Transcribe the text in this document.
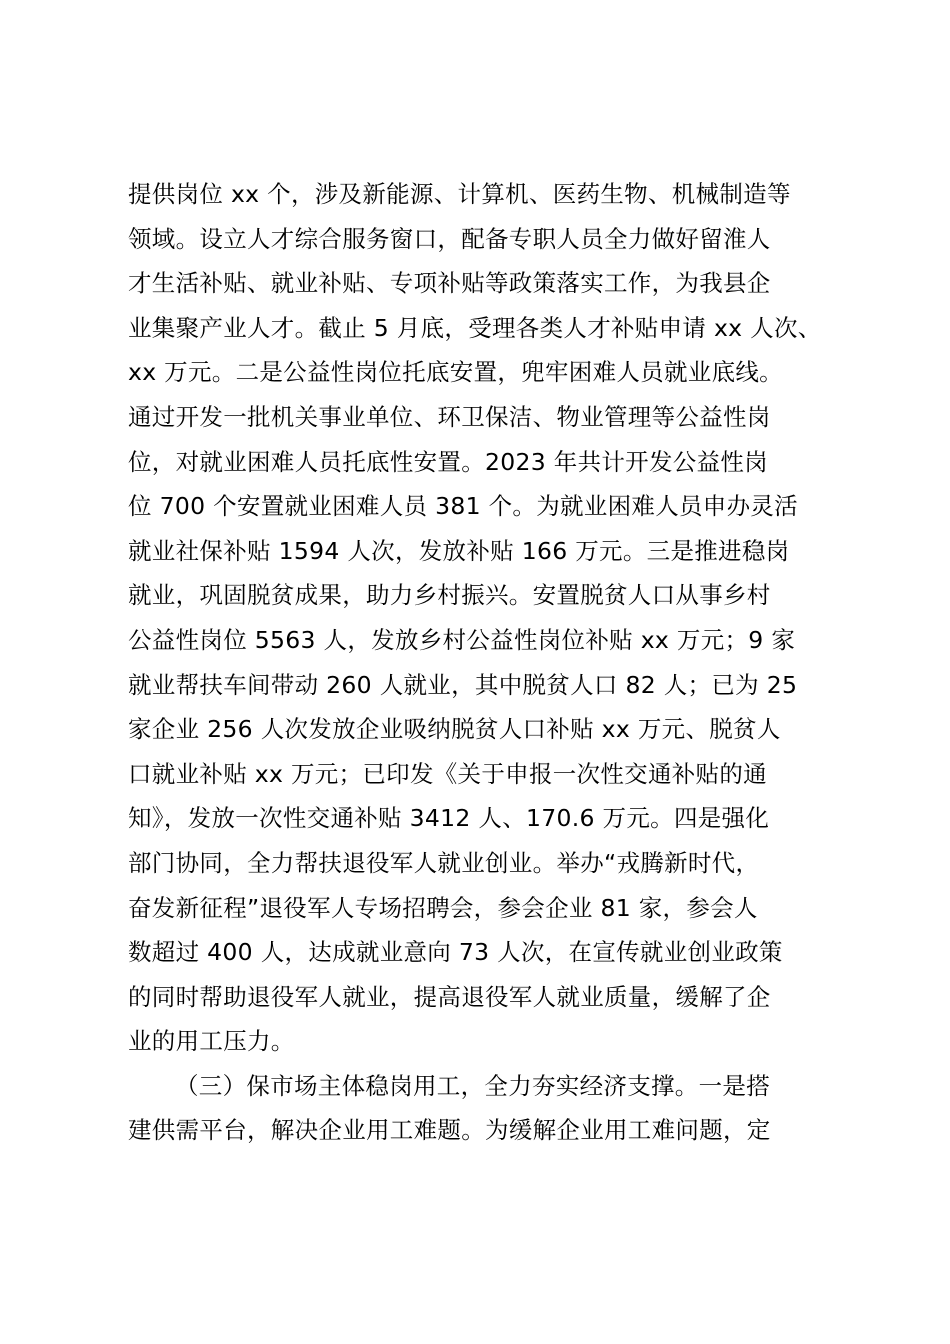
提供岗位 xx 个，涉及新能源、计算机、医药生物、机械制造等
领域。设立人才综合服务窗口，配备专职人员全力做好留淮人
才生活补贴、就业补贴、专项补贴等政策落实工作，为我县企
业集聚产业人才。截止 5 月底，受理各类人才补贴申请 xx 人次、
xx 万元。二是公益性岗位托底安置，兜牢困难人员就业底线。
通过开发一批机关事业单位、环卫保洁、物业管理等公益性岗
位，对就业困难人员托底性安置。2023 年共计开发公益性岗
位 700 个安置就业困难人员 381 个。为就业困难人员申办灵活
就业社保补贴 1594 人次，发放补贴 166 万元。三是推进稳岗
就业，巩固脱贫成果，助力乡村振兴。安置脱贫人口从事乡村
公益性岗位 5563 人，发放乡村公益性岗位补贴 xx 万元；9 家
就业帮扶车间带动 260 人就业，其中脱贫人口 82 人；已为 25
家企业 256 人次发放企业吸纳脱贫人口补贴 xx 万元、脱贫人
口就业补贴 xx 万元；已印发《关于申报一次性交通补贴的通
知》，发放一次性交通补贴 3412 人、170.6 万元。四是强化
部门协同，全力帮扶退役军人就业创业。举办“戎腾新时代，
奋发新征程”退役军人专场招聘会，参会企业 81 家，参会人
数超过 400 人，达成就业意向 73 人次，在宣传就业创业政策
的同时帮助退役军人就业，提高退役军人就业质量，缓解了企
业的用工压力。
（三）保市场主体稳岗用工，全力夯实经济支撑。一是搭
建供需平台，解决企业用工难题。为缓解企业用工难问题，定
